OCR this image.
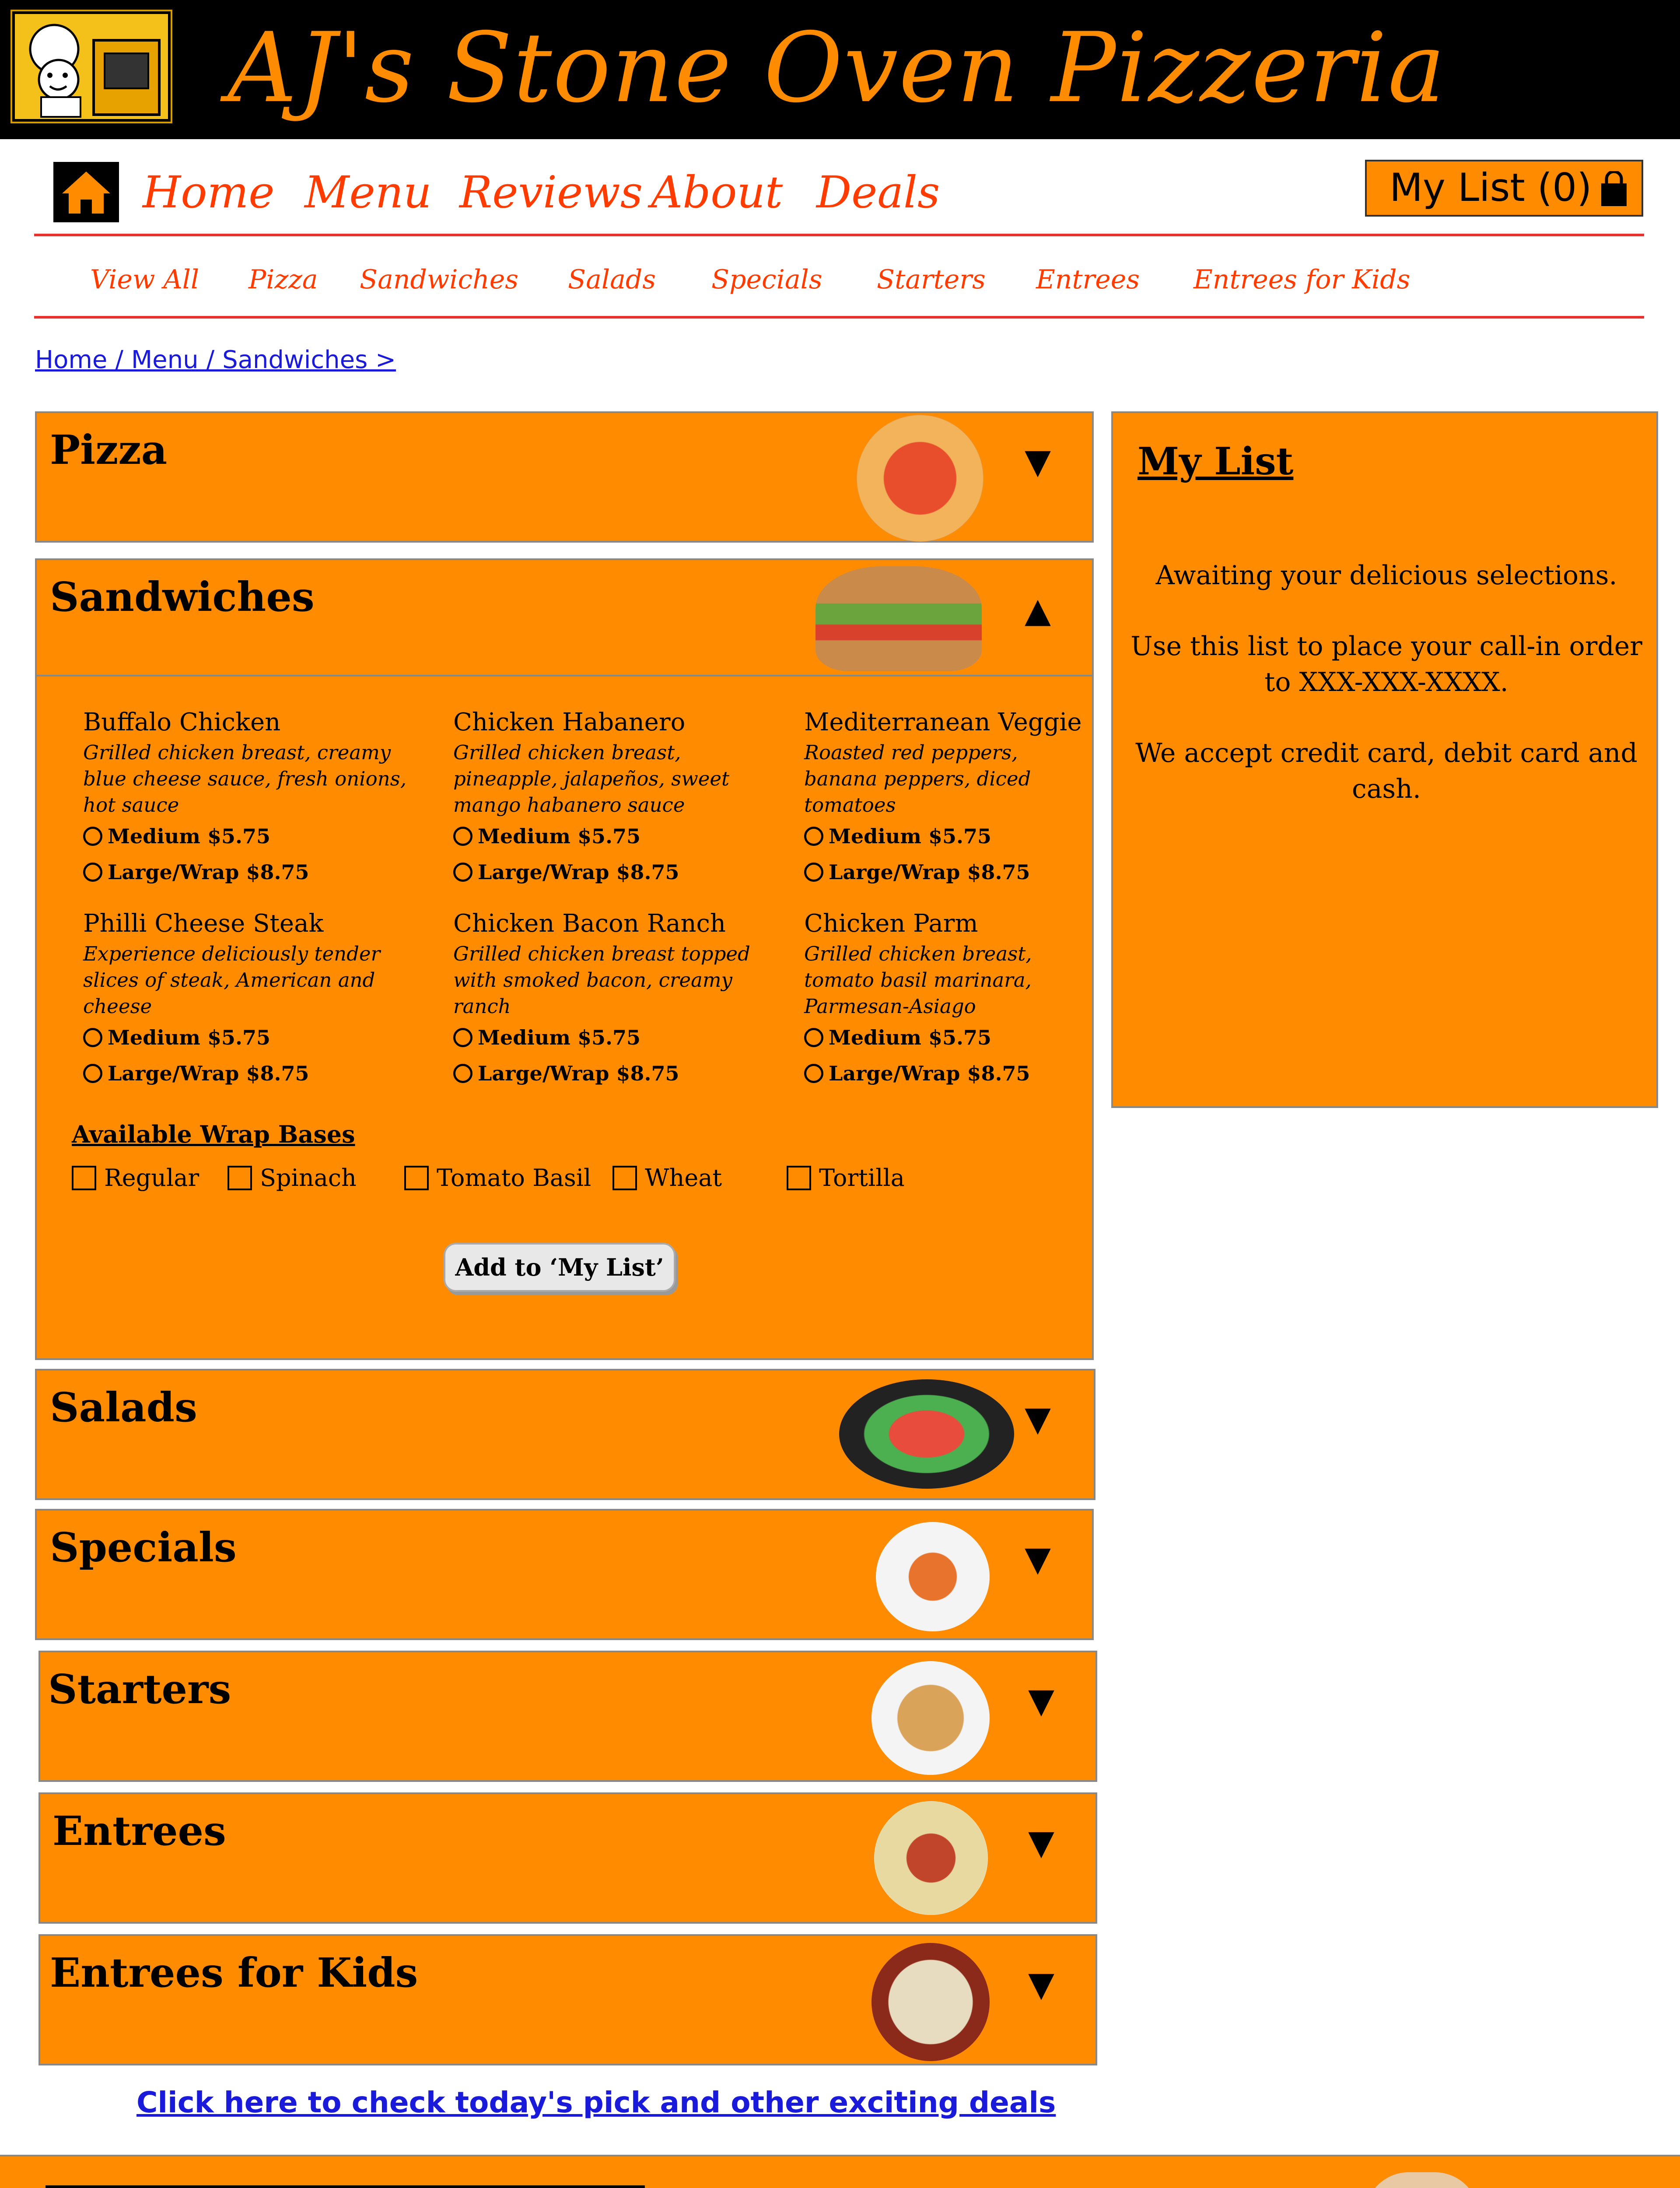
AJ's Stone Oven Pizzeria
Home Menu Reviews About Deals	My List (0)
View All Pizza Sandwiches Salads Specials Starters Entrees Entrees for Kids
Home / Menu / Sandwiches >
Pizza	▼
Sandwiches	▲
Buffalo Chicken
Grilled chicken breast, creamy blue cheese sauce, fresh onions, hot sauce
Medium $5.75
Large/Wrap $8.75
Chicken Habanero
Grilled chicken breast, pineapple, jalapeños, sweet mango habanero sauce
Medium $5.75
Large/Wrap $8.75
Mediterranean Veggie
Roasted red peppers, banana peppers, diced tomatoes
Medium $5.75
Large/Wrap $8.75
Philli Cheese Steak
Experience deliciously tender slices of steak, American and cheese
Medium $5.75
Large/Wrap $8.75
Chicken Bacon Ranch
Grilled chicken breast topped with smoked bacon, creamy ranch
Medium $5.75
Large/Wrap $8.75
Chicken Parm
Grilled chicken breast, tomato basil marinara, Parmesan-Asiago
Medium $5.75
Large/Wrap $8.75
Available Wrap Bases
Regular	Spinach	Tomato Basil Wheat	Tortilla
Add to ‘My List’
My List
Awaiting your delicious selections.
Use this list to place your call-in order to XXX-XXX-XXXX.
We accept credit card, debit card and cash.
Salads	▼
Specials	▼
Starters	▼
Entrees	▼
Entrees for Kids	▼
Click here to check today's pick and other exciting deals
